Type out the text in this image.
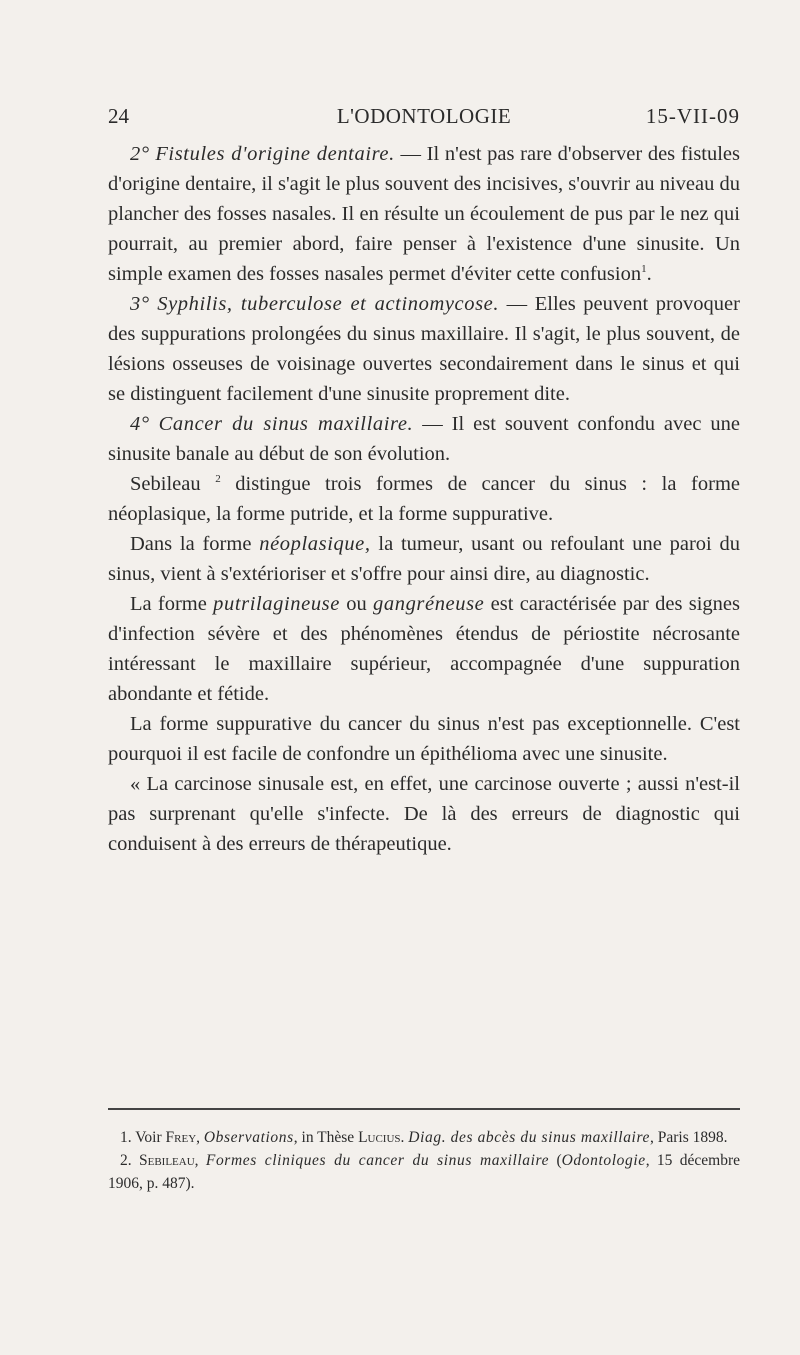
24	L'ODONTOLOGIE	15-VII-09

2° Fistules d'origine dentaire. — Il n'est pas rare d'observer des fistules d'origine dentaire, il s'agit le plus souvent des incisives, s'ouvrir au niveau du plancher des fosses nasales. Il en résulte un écoulement de pus par le nez qui pourrait, au premier abord, faire penser à l'existence d'une sinusite. Un simple examen des fosses nasales permet d'éviter cette confusion$^1$.

3° Syphilis, tuberculose et actinomycose. — Elles peuvent provoquer des suppurations prolongées du sinus maxillaire. Il s'agit, le plus souvent, de lésions osseuses de voisinage ouvertes secondairement dans le sinus et qui se distinguent facilement d'une sinusite proprement dite.

4° Cancer du sinus maxillaire. — Il est souvent confondu avec une sinusite banale au début de son évolution.

Sebileau $^2$ distingue trois formes de cancer du sinus : la forme néoplasique, la forme putride, et la forme suppurative.

Dans la forme néoplasique, la tumeur, usant ou refoulant une paroi du sinus, vient à s'extérioriser et s'offre pour ainsi dire, au diagnostic.

La forme putrilagineuse ou gangréneuse est caractérisée par des signes d'infection sévère et des phénomènes étendus de périostite nécrosante intéressant le maxillaire supérieur, accompagnée d'une suppuration abondante et fétide.

La forme suppurative du cancer du sinus n'est pas exceptionnelle. C'est pourquoi il est facile de confondre un épithélioma avec une sinusite.

« La carcinose sinusale est, en effet, une carcinose ouverte ; aussi n'est-il pas surprenant qu'elle s'infecte. De là des erreurs de diagnostic qui conduisent à des erreurs de thérapeutique.

1. Voir Frey, Observations, in Thèse Lucius. Diag. des abcès du sinus maxillaire, Paris 1898.

2. Sebileau, Formes cliniques du cancer du sinus maxillaire (Odontologie, 15 décembre 1906, p. 487).
